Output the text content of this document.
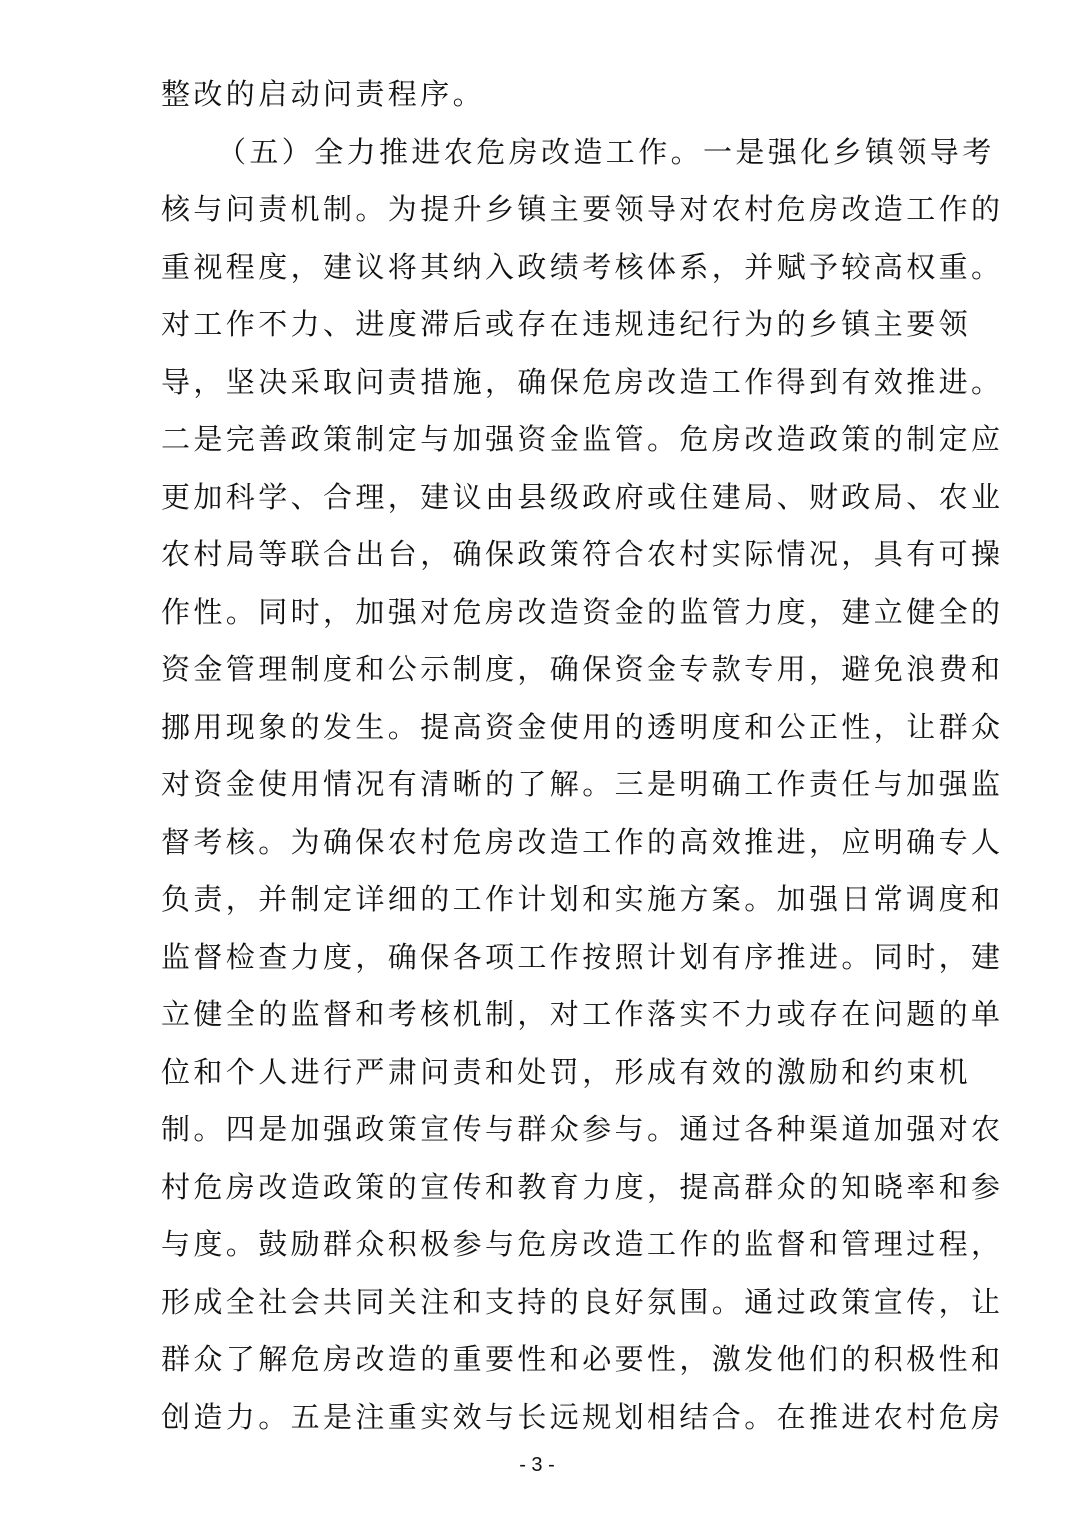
整改的启动问责程序。
（五）全力推进农危房改造工作。一是强化乡镇领导考
核与问责机制。为提升乡镇主要领导对农村危房改造工作的
重视程度，建议将其纳入政绩考核体系，并赋予较高权重。
对工作不力、进度滞后或存在违规违纪行为的乡镇主要领
导，坚决采取问责措施，确保危房改造工作得到有效推进。
二是完善政策制定与加强资金监管。危房改造政策的制定应
更加科学、合理，建议由县级政府或住建局、财政局、农业
农村局等联合出台，确保政策符合农村实际情况，具有可操
作性。同时，加强对危房改造资金的监管力度，建立健全的
资金管理制度和公示制度，确保资金专款专用，避免浪费和
挪用现象的发生。提高资金使用的透明度和公正性，让群众
对资金使用情况有清晰的了解。三是明确工作责任与加强监
督考核。为确保农村危房改造工作的高效推进，应明确专人
负责，并制定详细的工作计划和实施方案。加强日常调度和
监督检查力度，确保各项工作按照计划有序推进。同时，建
立健全的监督和考核机制，对工作落实不力或存在问题的单
位和个人进行严肃问责和处罚，形成有效的激励和约束机
制。四是加强政策宣传与群众参与。通过各种渠道加强对农
村危房改造政策的宣传和教育力度，提高群众的知晓率和参
与度。鼓励群众积极参与危房改造工作的监督和管理过程，
形成全社会共同关注和支持的良好氛围。通过政策宣传，让
群众了解危房改造的重要性和必要性，激发他们的积极性和
创造力。五是注重实效与长远规划相结合。在推进农村危房
- 3 -
